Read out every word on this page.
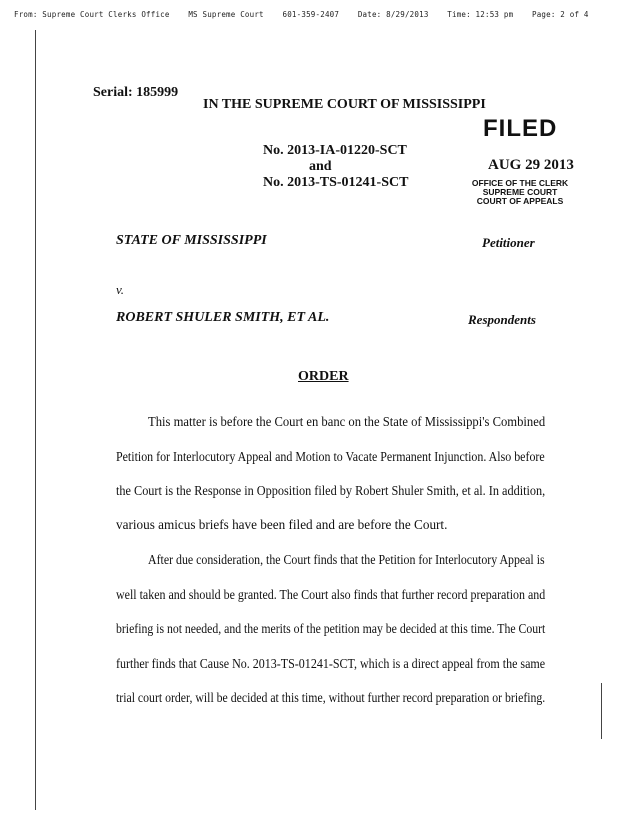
From: Supreme Court Clerks Office MS Supreme Court 601-359-2407 Date: 8/29/2013 Time: 12:53 pm Page: 2 of 4
Serial: 185999
IN THE SUPREME COURT OF MISSISSIPPI
No. 2013-IA-01220-SCT
and
No. 2013-TS-01241-SCT
FILED
AUG 29 2013
OFFICE OF THE CLERK
SUPREME COURT
COURT OF APPEALS
STATE OF MISSISSIPPI	Petitioner
v.
ROBERT SHULER SMITH, ET AL.	Respondents
ORDER
This matter is before the Court en banc on the State of Mississippi's Combined
Petition for Interlocutory Appeal and Motion to Vacate Permanent Injunction. Also before
the Court is the Response in Opposition filed by Robert Shuler Smith, et al. In addition,
various amicus briefs have been filed and are before the Court.
After due consideration, the Court finds that the Petition for Interlocutory Appeal is
well taken and should be granted. The Court also finds that further record preparation and
briefing is not needed, and the merits of the petition may be decided at this time. The Court
further finds that Cause No. 2013-TS-01241-SCT, which is a direct appeal from the same
trial court order, will be decided at this time, without further record preparation or briefing.
